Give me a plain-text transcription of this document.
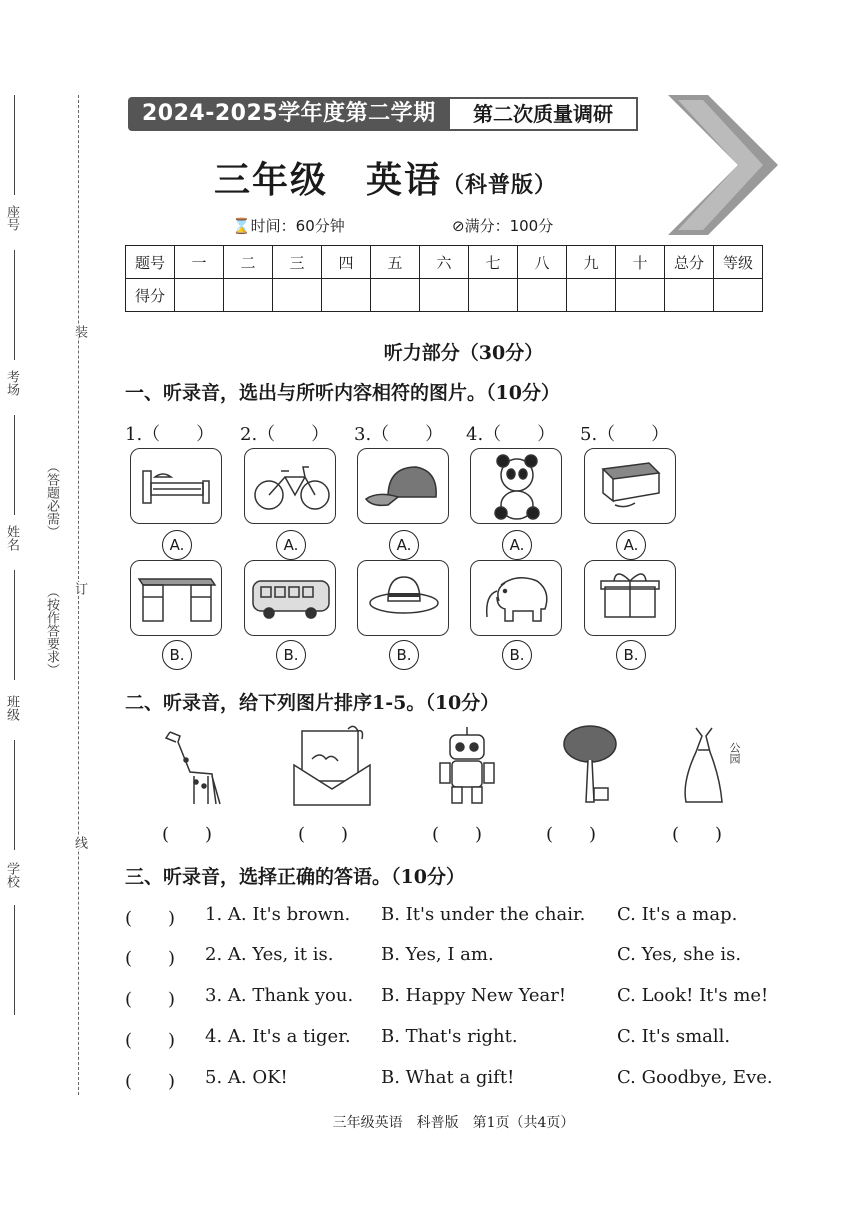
座号
考场
姓名
班级
学校
（答题必需）
（按作答要求）
装
订
线
2024-2025学年度第二学期	第二次质量调研
三年级　英语（科普版）
⌛时间：60分钟	⊘满分：100分
题号	一	二	三	四	五	六	七	八	九	十	总分	等级
得分												
听力部分（30分）
一、听录音，选出与所听内容相符的图片。（10分）
1.（　　） 2.（　　） 3.（　　） 4.（　　） 5.（　　）
A.	A.	A.	A.	A.
B.	B.	B.	B.	B.
二、听录音，给下列图片排序1-5。（10分）
公园
(　　)	(　　)	(　　)	(　　)	(　　)
三、听录音，选择正确的答语。（10分）
(　　) 1. A. It's brown. B. It's under the chair. C. It's a map.
(　　) 2. A. Yes, it is.	B. Yes, I am.	C. Yes, she is.
(　　) 3. A. Thank you. B. Happy New Year!	C. Look! It's me!
(　　) 4. A. It's a tiger. B. That's right.	C. It's small.
(　　) 5. A. OK!	B. What a gift!	C. Goodbye, Eve.
三年级英语　科普版　第1页（共4页）
